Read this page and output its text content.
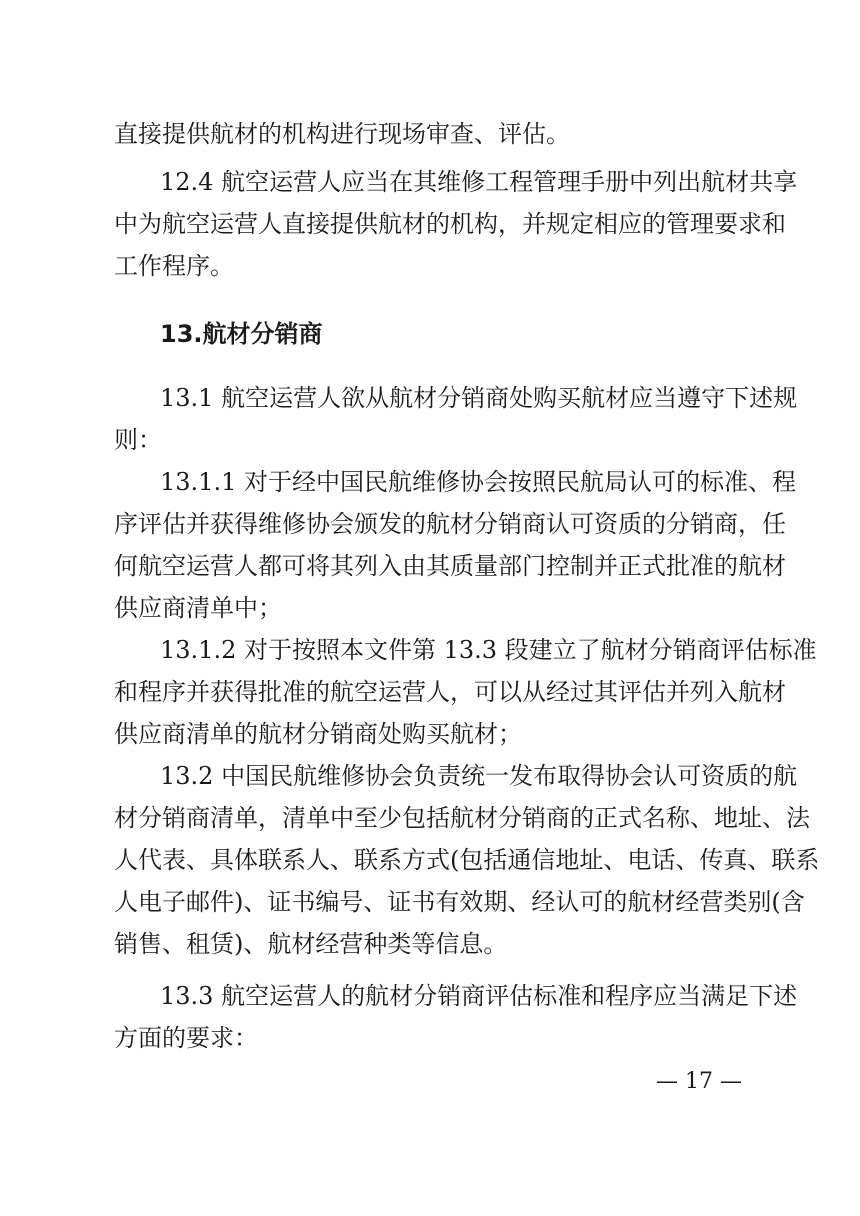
直接提供航材的机构进行现场审查、评估。
12.4 航空运营人应当在其维修工程管理手册中列出航材共享
中为航空运营人直接提供航材的机构，并规定相应的管理要求和
工作程序。
13.航材分销商
13.1 航空运营人欲从航材分销商处购买航材应当遵守下述规
则：
13.1.1 对于经中国民航维修协会按照民航局认可的标准、程
序评估并获得维修协会颁发的航材分销商认可资质的分销商，任
何航空运营人都可将其列入由其质量部门控制并正式批准的航材
供应商清单中；
13.1.2 对于按照本文件第 13.3 段建立了航材分销商评估标准
和程序并获得批准的航空运营人，可以从经过其评估并列入航材
供应商清单的航材分销商处购买航材；
13.2 中国民航维修协会负责统一发布取得协会认可资质的航
材分销商清单，清单中至少包括航材分销商的正式名称、地址、法
人代表、具体联系人、联系方式(包括通信地址、电话、传真、联系
人电子邮件)、证书编号、证书有效期、经认可的航材经营类别(含
销售、租赁)、航材经营种类等信息。
13.3 航空运营人的航材分销商评估标准和程序应当满足下述
方面的要求：
— 17 —
